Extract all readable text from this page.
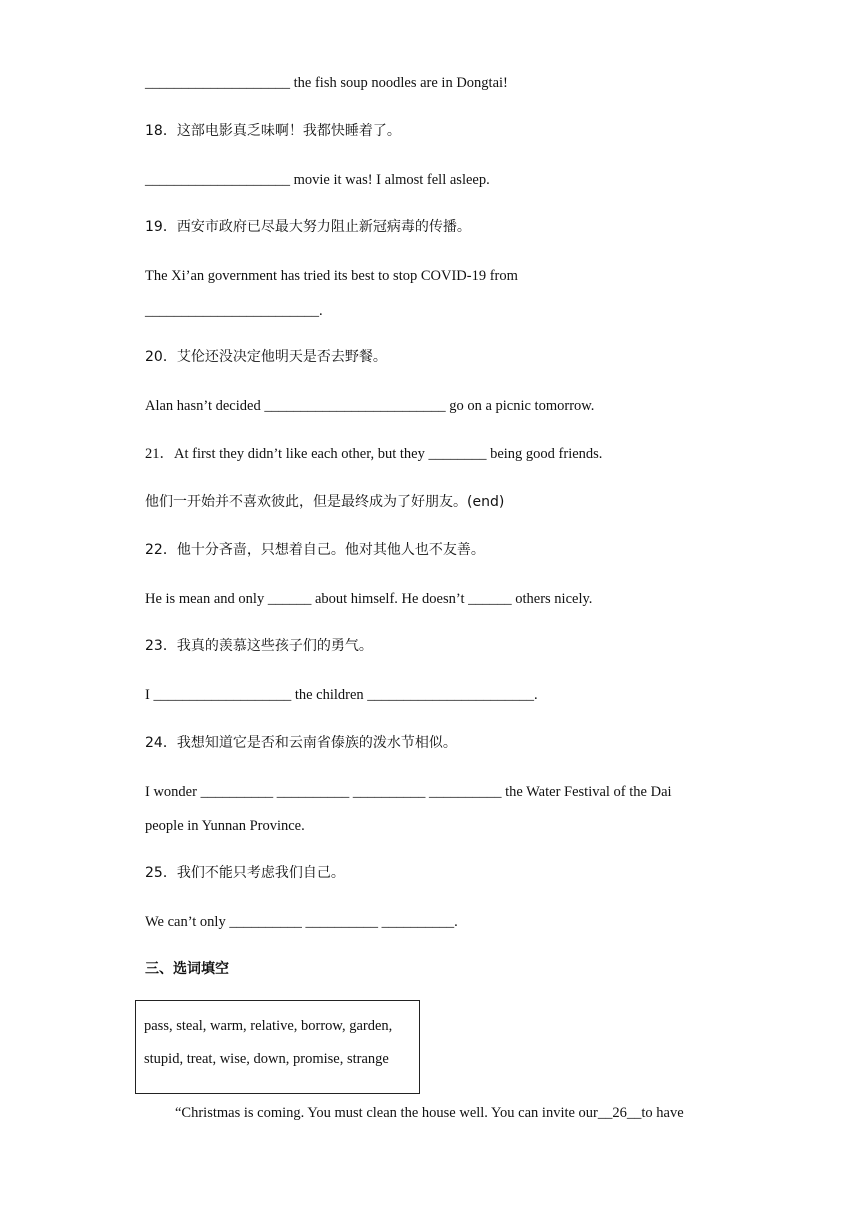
____________________ the fish soup noodles are in Dongtai!
18．这部电影真乏味啊！我都快睡着了。
____________________ movie it was! I almost fell asleep.
19．西安市政府已尽最大努力阻止新冠病毒的传播。
The Xi’an government has tried its best to stop COVID-19 from
________________________.
20．艾伦还没决定他明天是否去野餐。
Alan hasn’t decided _________________________ go on a picnic tomorrow.
21．At first they didn’t like each other, but they ________ being good friends.
他们一开始并不喜欢彼此，但是最终成为了好朋友。(end)
22．他十分吝啬，只想着自己。他对其他人也不友善。
He is mean and only ______ about himself. He doesn’t ______ others nicely.
23．我真的羡慕这些孩子们的勇气。
I ___________________ the children _______________________.
24．我想知道它是否和云南省傣族的泼水节相似。
I wonder __________ __________ __________ __________ the Water Festival of the Dai
people in Yunnan Province.
25．我们不能只考虑我们自己。
We can’t only __________ __________ __________.
三、选词填空
pass, steal, warm, relative, borrow, garden,
stupid, treat, wise, down, promise, strange
“Christmas is coming. You must clean the house well. You can invite our__26__to have
